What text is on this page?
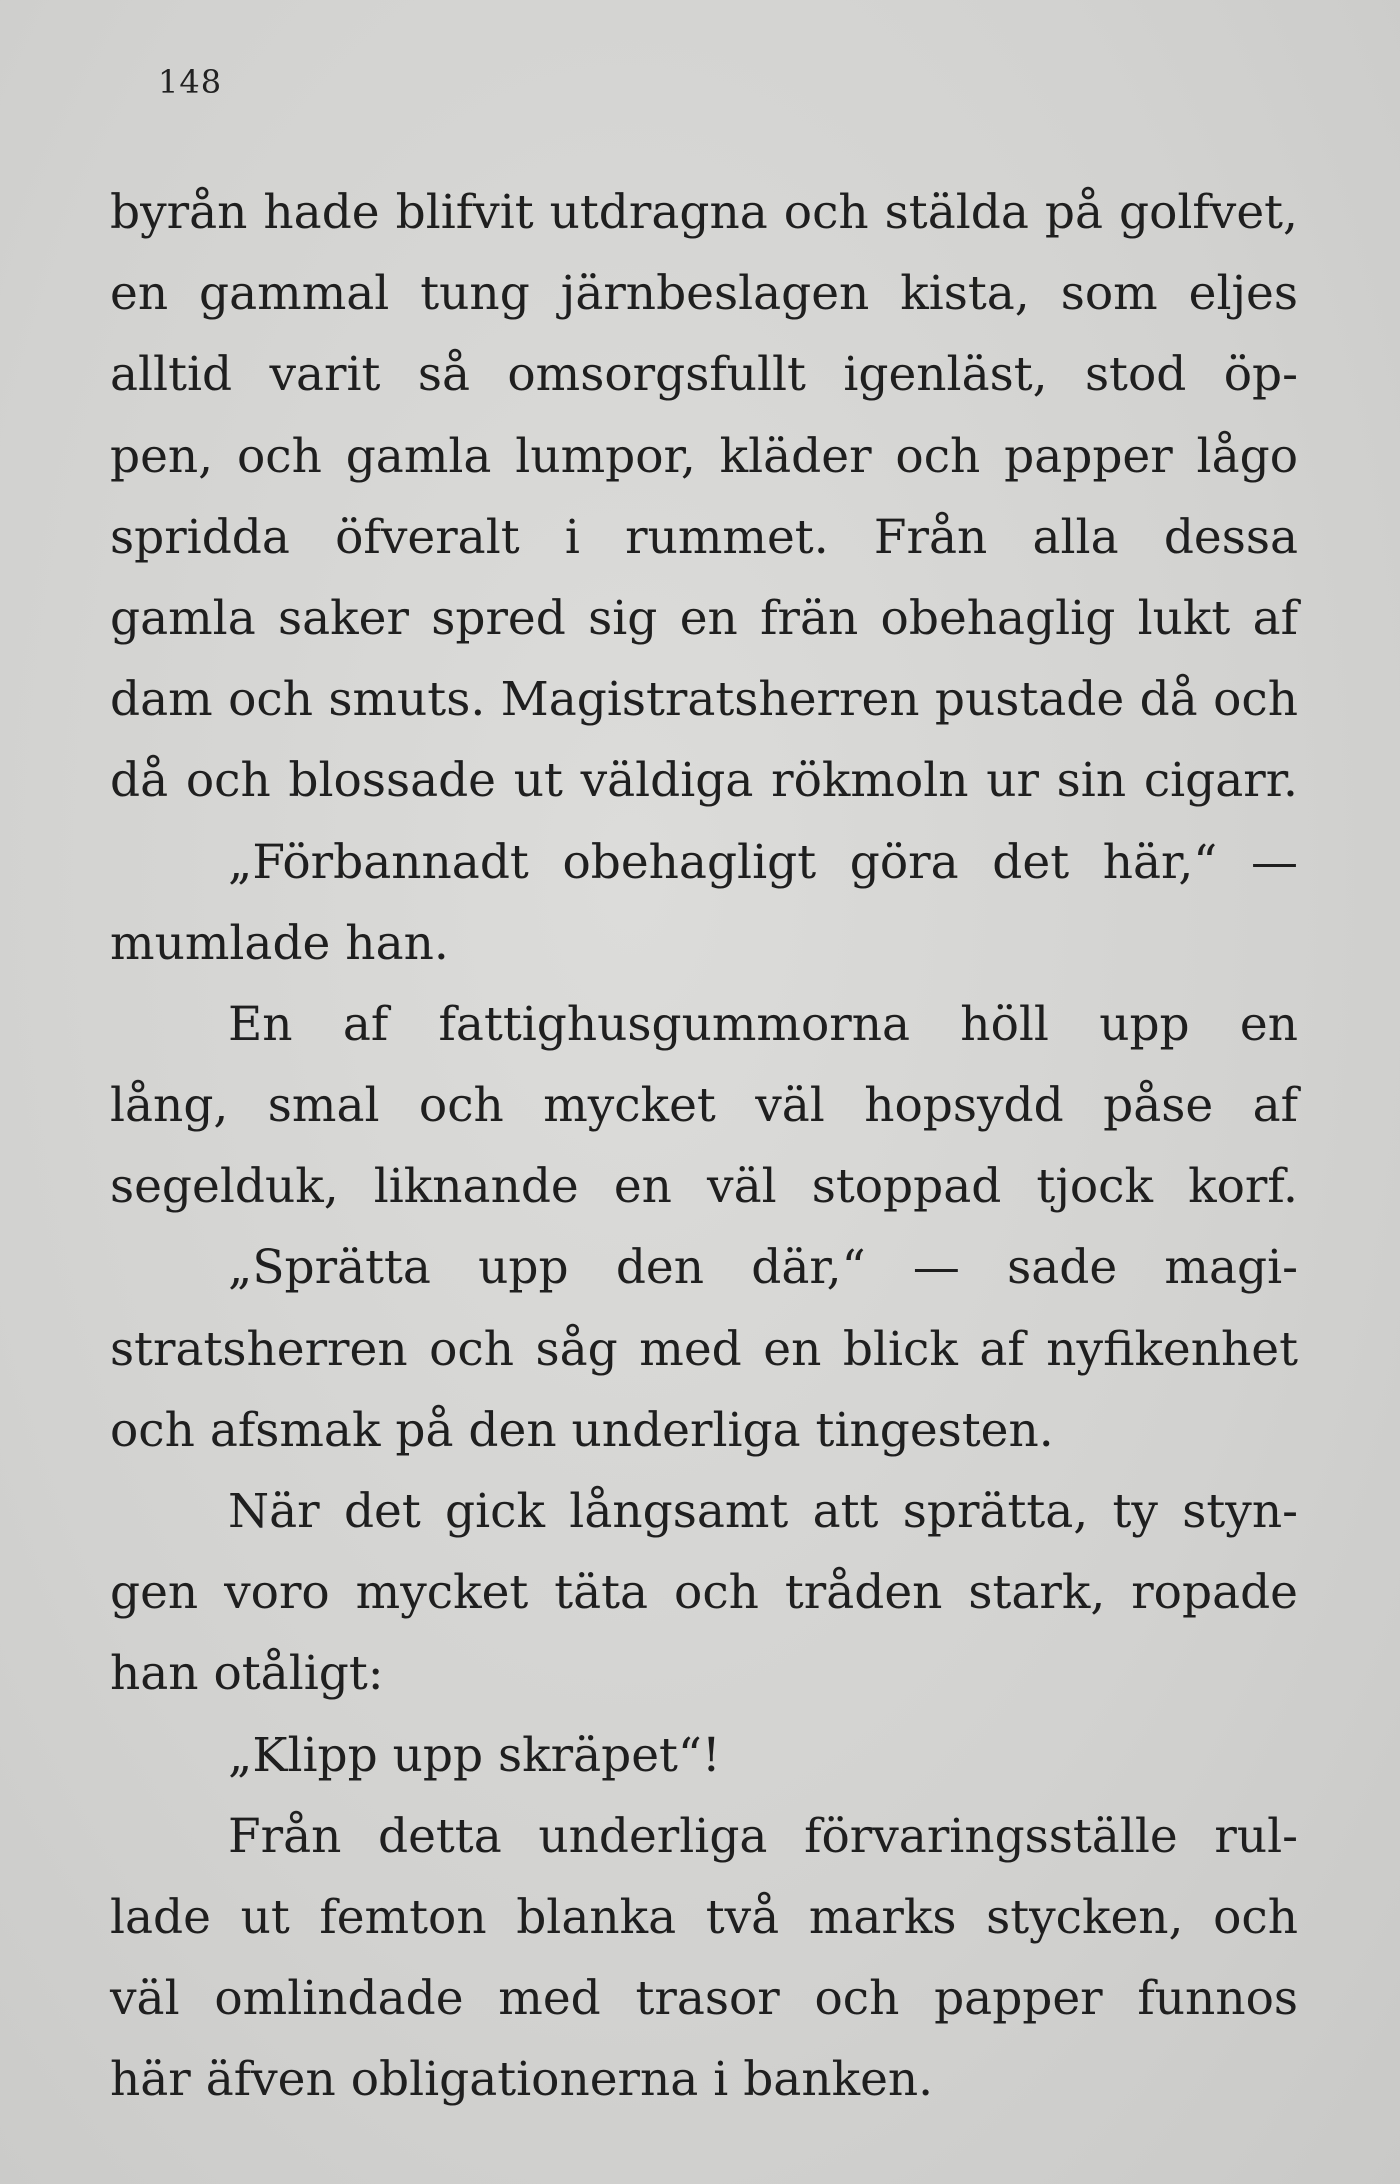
148
byrån hade blifvit utdragna och stälda på golfvet,
en gammal tung järnbeslagen kista, som eljes
alltid varit så omsorgsfullt igenläst, stod öp-
pen, och gamla lumpor, kläder och papper lågo
spridda öfveralt i rummet. Från alla dessa
gamla saker spred sig en frän obehaglig lukt af
dam och smuts. Magistratsherren pustade då och
då och blossade ut väldiga rökmoln ur sin cigarr.
„Förbannadt obehagligt göra det här,“ —
mumlade han.
En af fattighusgummorna höll upp en
lång, smal och mycket väl hopsydd påse af
segelduk, liknande en väl stoppad tjock korf.
„Sprätta upp den där,“ — sade magi-
stratsherren och såg med en blick af nyfikenhet
och afsmak på den underliga tingesten.
När det gick långsamt att sprätta, ty styn-
gen voro mycket täta och tråden stark, ropade
han otåligt:
„Klipp upp skräpet“!
Från detta underliga förvaringsställe rul-
lade ut femton blanka två marks stycken, och
väl omlindade med trasor och papper funnos
här äfven obligationerna i banken.
